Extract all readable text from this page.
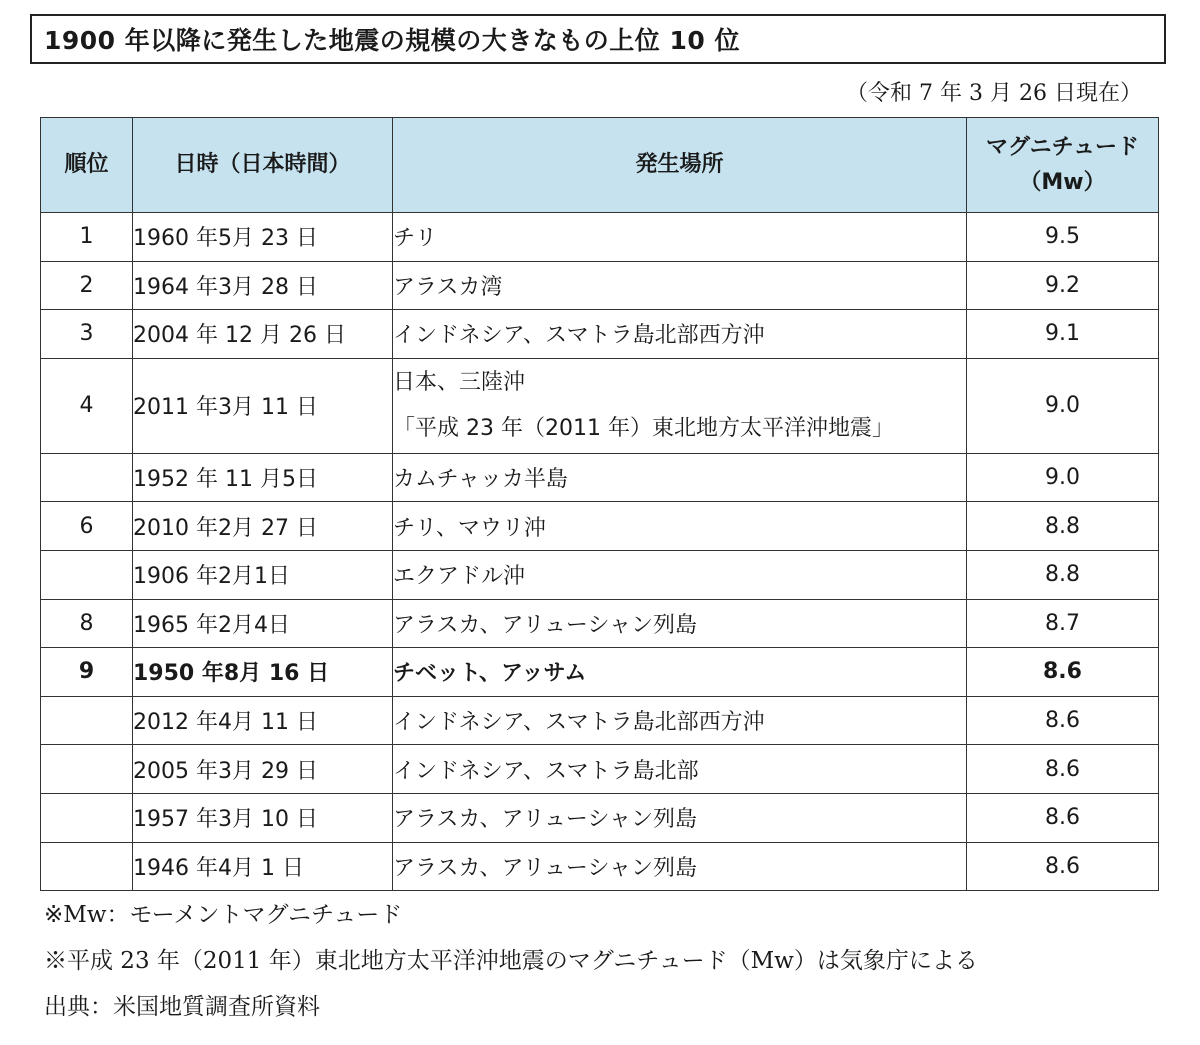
1900 年以降に発生した地震の規模の大きなもの上位 10 位
（令和 7 年 3 月 26 日現在）
順位	日時（日本時間）	発生場所	マグニチュード
（Mw）
1	1960 年5月 23 日	チリ	9.5
2	1964 年3月 28 日	アラスカ湾	9.2
3	2004 年 12 月 26 日	インドネシア、スマトラ島北部西方沖	9.1
4	2011 年3月 11 日	日本、三陸沖
「平成 23 年（2011 年）東北地方太平洋沖地震」	9.0
	1952 年 11 月5日	カムチャッカ半島	9.0
6	2010 年2月 27 日	チリ、マウリ沖	8.8
	1906 年2月1日	エクアドル沖	8.8
8	1965 年2月4日	アラスカ、アリューシャン列島	8.7
9	1950 年8月 16 日	チベット、アッサム	8.6
	2012 年4月 11 日	インドネシア、スマトラ島北部西方沖	8.6
	2005 年3月 29 日	インドネシア、スマトラ島北部	8.6
	1957 年3月 10 日	アラスカ、アリューシャン列島	8.6
	1946 年4月 1 日	アラスカ、アリューシャン列島	8.6
※Mw：モーメントマグニチュード
※平成 23 年（2011 年）東北地方太平洋沖地震のマグニチュード（Mw）は気象庁による
出典：米国地質調査所資料
